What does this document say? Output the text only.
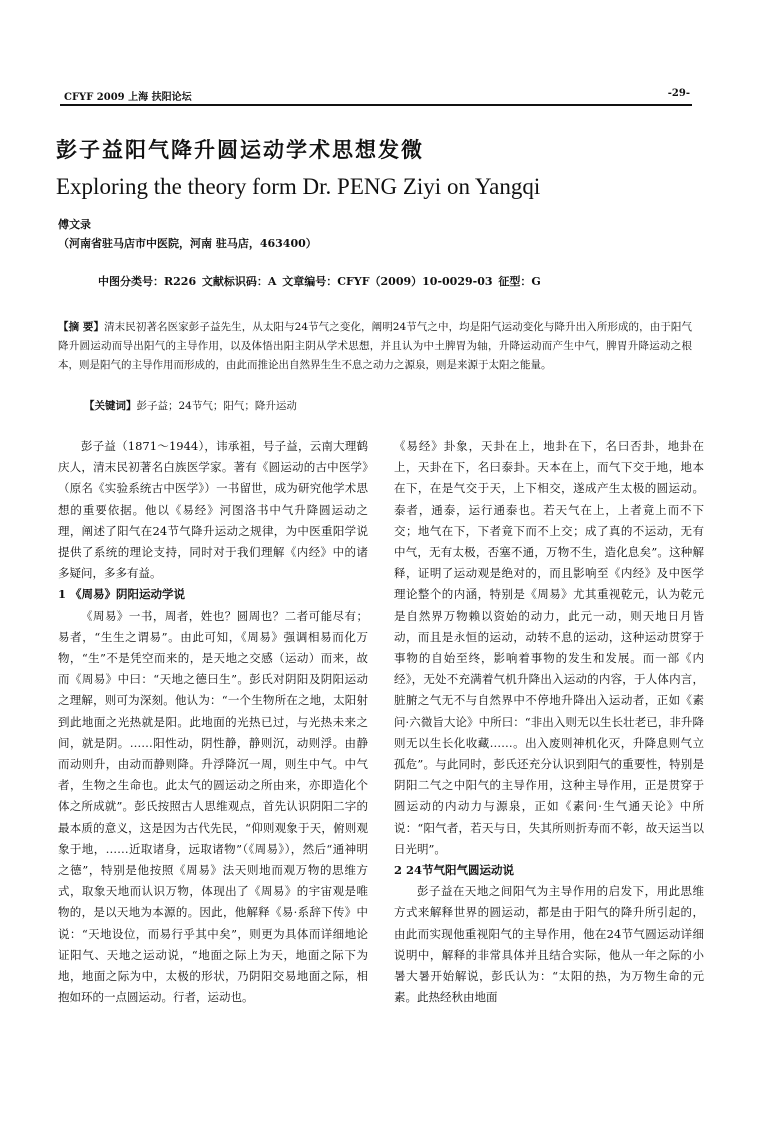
CFYF 2009 上海 扶阳论坛	-29-
彭子益阳气降升圆运动学术思想发微
Exploring the theory form Dr. PENG Ziyi on Yangqi
傅文录
（河南省驻马店市中医院，河南 驻马店，463400）
中图分类号：R226 文献标识码：A 文章编号：CFYF（2009）10-0029-03 征型：G
【摘 要】清末民初著名医家彭子益先生，从太阳与24节气之变化，阐明24节气之中，均是阳气运动变化与降升出入所形成的，由于阳气降升圆运动而导出阳气的主导作用，以及体悟出阳主阴从学术思想，并且认为中土脾胃为轴，升降运动而产生中气，脾胃升降运动之根本，则是阳气的主导作用而形成的，由此而推论出自然界生生不息之动力之源泉，则是来源于太阳之能量。
【关键词】彭子益；24节气；阳气；降升运动

彭子益（1871～1944），讳承祖，号子益，云南大理鹤庆人，清末民初著名白族医学家。著有《圆运动的古中医学》（原名《实验系统古中医学》）一书留世，成为研究他学术思想的重要依据。他以《易经》河图洛书中气升降圆运动之理，阐述了阳气在24节气降升运动之规律，为中医重阳学说提供了系统的理论支持，同时对于我们理解《内经》中的诸多疑问，多多有益。

1 《周易》阴阳运动学说

《周易》一书，周者，姓也？圆周也？二者可能尽有；易者，“生生之谓易”。由此可知，《周易》强调相易而化万物，“生”不是凭空而来的，是天地之交感（运动）而来，故而《周易》中曰：“天地之德曰生”。彭氏对阴阳及阴阳运动之理解，则可为深刻。他认为：“一个生物所在之地，太阳射到此地面之光热就是阳。此地面的光热已过，与光热未来之间，就是阴。……阳性动，阴性静，静则沉，动则浮。由静而动则升，由动而静则降。升浮降沉一周，则生中气。中气者，生物之生命也。此太气的圆运动之所由来，亦即造化个体之所成就”。彭氏按照古人思维观点，首先认识阴阳二字的最本质的意义，这是因为古代先民，“仰则观象于天，俯则观象于地，……近取诸身，远取诸物”（《周易》），然后“通神明之德”，特别是他按照《周易》法天则地而观万物的思维方式，取象天地而认识万物，体现出了《周易》的宇宙观是唯物的，是以天地为本源的。因此，他解释《易·系辞下传》中说：“天地设位，而易行乎其中矣”，则更为具体而详细地论证阳气、天地之运动说，“地面之际上为天，地面之际下为地，地面之际为中，太极的形状，乃阴阳交易地面之际，相抱如环的一点圆运动。行者，运动也。

《易经》卦象，天卦在上，地卦在下，名曰否卦，地卦在上，天卦在下，名曰泰卦。天本在上，而气下交于地，地本在下，在是气交于天，上下相交，遂成产生太极的圆运动。泰者，通泰，运行通泰也。若天气在上，上者竟上而不下交；地气在下，下者竟下而不上交；成了真的不运动，无有中气，无有太极，否塞不通，万物不生，造化息矣”。这种解释，证明了运动观是绝对的，而且影响至《内经》及中医学理论整个的内涵，特别是《周易》尤其重视乾元，认为乾元是自然界万物赖以资始的动力，此元一动，则天地日月皆动，而且是永恒的运动，动转不息的运动，这种运动贯穿于事物的自始至终，影响着事物的发生和发展。而一部《内经》，无处不充满着气机升降出入运动的内容，于人体内言，脏腑之气无不与自然界中不停地升降出入运动者，正如《素问·六微旨大论》中所曰：“非出入则无以生长壮老已，非升降则无以生长化收藏……。出入废则神机化灭，升降息则气立孤危”。与此同时，彭氏还充分认识到阳气的重要性，特别是阴阳二气之中阳气的主导作用，这种主导作用，正是贯穿于圆运动的内动力与源泉，正如《素问·生气通天论》中所说：“阳气者，若天与日，失其所则折寿而不彰，故天运当以日光明”。

2 24节气阳气圆运动说

彭子益在天地之间阳气为主导作用的启发下，用此思维方式来解释世界的圆运动，都是由于阳气的降升所引起的，由此而实现他重视阳气的主导作用，他在24节气圆运动详细说明中，解释的非常具体并且结合实际，他从一年之际的小暑大暑开始解说，彭氏认为：“太阳的热，为万物生命的元素。此热经秋由地面
